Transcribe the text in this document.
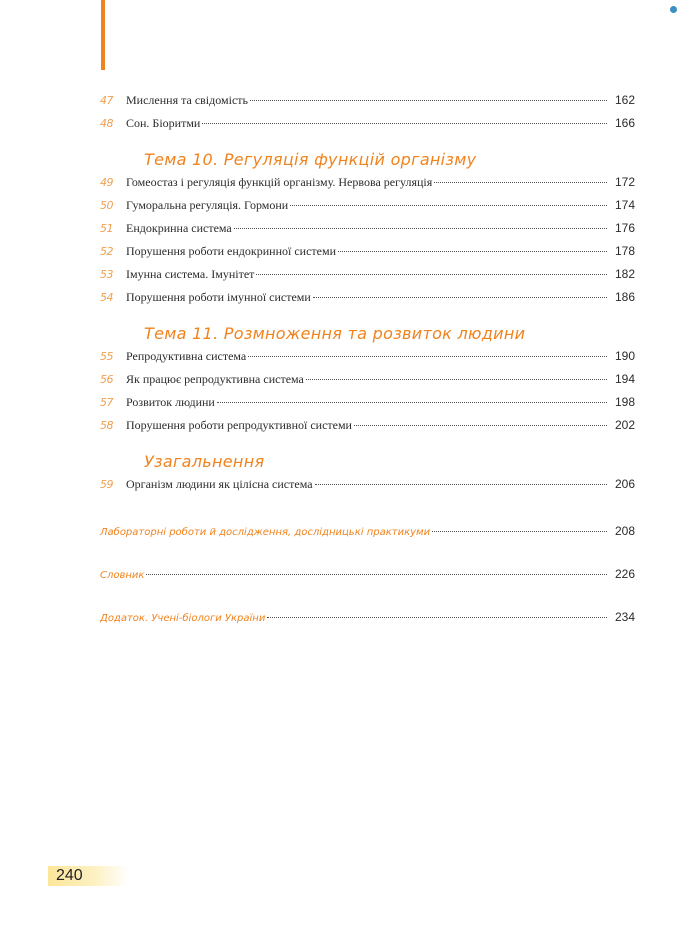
47	Мислення та свідомість	162
48	Сон. Біоритми	166
Тема 10. Регуляція функцій організму
49	Гомеостаз і регуляція функцій організму. Нервова регуляція	172
50	Гуморальна регуляція. Гормони	174
51	Ендокринна система	176
52	Порушення роботи ендокринної системи	178
53	Імунна система. Імунітет	182
54	Порушення роботи імунної системи	186
Тема 11. Розмноження та розвиток людини
55	Репродуктивна система	190
56	Як працює репродуктивна система	194
57	Розвиток людини	198
58	Порушення роботи репродуктивної системи	202
Узагальнення
59	Організм людини як цілісна система	206
Лабораторні роботи й дослідження, дослідницькі практикуми	208
Словник	226
Додаток. Учені-біологи України	234
240
